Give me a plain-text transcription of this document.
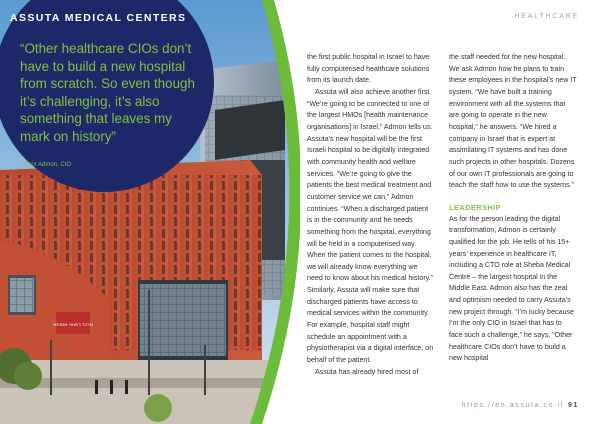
מרכז רפואי אסותא
ASSUTA MEDICAL CENTERS

“Other healthcare CIOs don’t have to build a new hospital from scratch. So even though it’s challenging, it’s also something that leaves my mark on history”

– Dror Admon, CIO

HEALTHCARE

the first public hospital in Israel to have fully computerised healthcare solutions from its launch date.

Assuta will also achieve another first. “We’re going to be connected to one of the largest HMOs [health maintenance organisations] in Israel,” Admon tells us. Assuta’s new hospital will be the first Israeli hospital to be digitally integrated with community health and welfare services. “We’re going to give the patients the best medical treatment and customer service we can,” Admon continues. “When a discharged patient is in the community and he needs something from the hospital, everything will be held in a computerised way. When the patient comes to the hospital, we will already know everything we need to know about his medical history.” Similarly, Assuta will make sure that discharged patients have access to medical services within the community. For example, hospital staff might schedule an appointment with a physiotherapist via a digital interface, on behalf of the patient.

Assuta has already hired most of

the staff needed for the new hospital. We ask Admon how he plans to train these employees in the hospital’s new IT system. “We have built a training environment with all the systems that are going to operate in the new hospital,” he answers. “We hired a company in Israel that is expert at assimilating IT systems and has done such projects in other hospitals. Dozens of our own IT professionals are going to teach the staff how to use the systems.”

LEADERSHIP

As for the person leading the digital transformation, Admon is certainly qualified for the job. He tells of his 15+ years’ experience in healthcare IT, including a CTO role at Sheba Medical Centre – the largest hospital in the Middle East. Admon also has the zeal and optimism needed to carry Assuta’s new project through. “I’m lucky because I’m the only CIO in Israel that has to face such a challenge,” he says. “Other healthcare CIOs don’t have to build a new hospital

https://en.assuta.co.il 91
